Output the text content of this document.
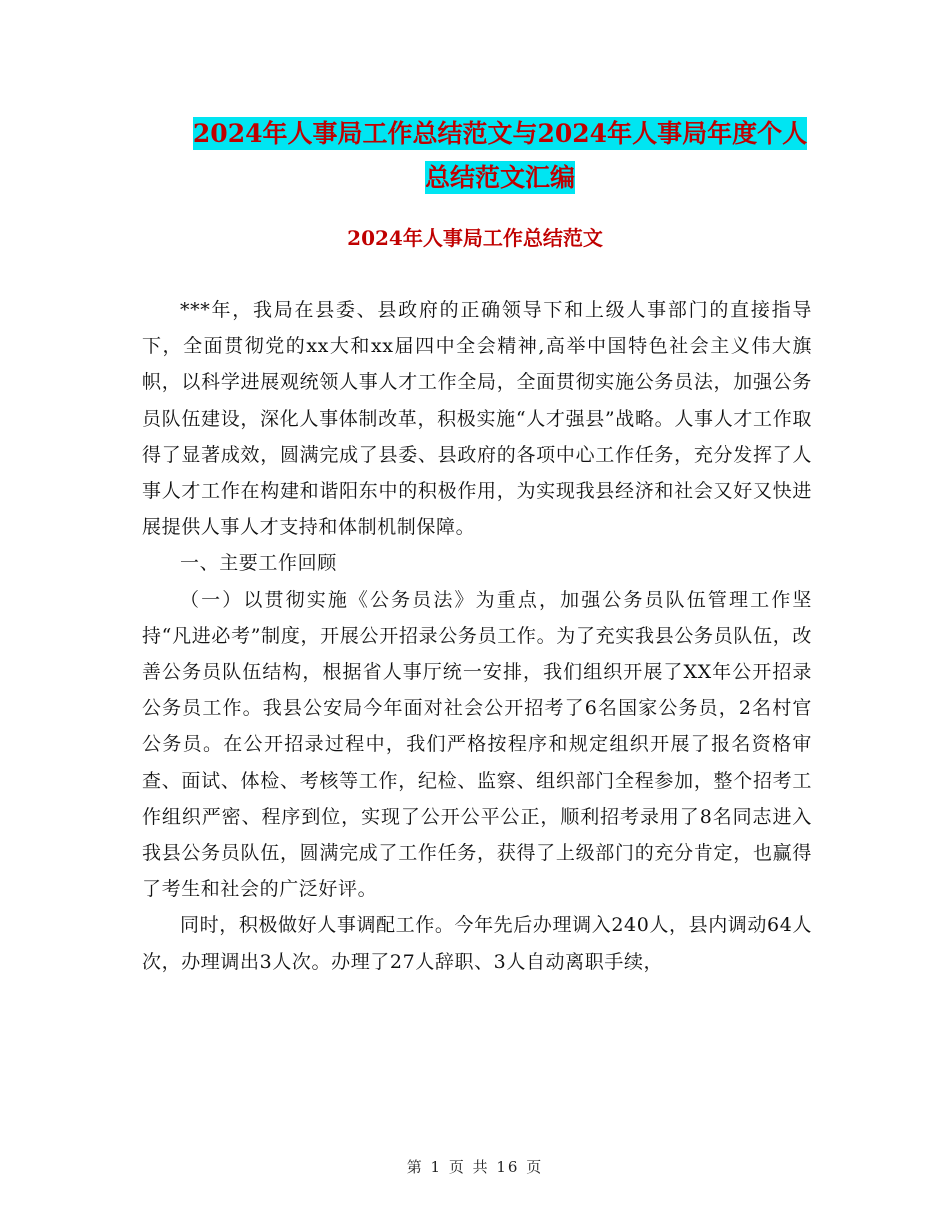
2024年人事局工作总结范文与2024年人事局年度个人
总结范文汇编
2024年人事局工作总结范文

***年，我局在县委、县政府的正确领导下和上级人事部门的直接指导下，全面贯彻党的xx大和xx届四中全会精神,高举中国特色社会主义伟大旗帜，以科学进展观统领人事人才工作全局，全面贯彻实施公务员法，加强公务员队伍建设，深化人事体制改革，积极实施“人才强县”战略。人事人才工作取得了显著成效，圆满完成了县委、县政府的各项中心工作任务，充分发挥了人事人才工作在构建和谐阳东中的积极作用，为实现我县经济和社会又好又快进展提供人事人才支持和体制机制保障。

一、主要工作回顾

（一）以贯彻实施《公务员法》为重点，加强公务员队伍管理工作坚持“凡进必考”制度，开展公开招录公务员工作。为了充实我县公务员队伍，改善公务员队伍结构，根据省人事厅统一安排，我们组织开展了XX年公开招录公务员工作。我县公安局今年面对社会公开招考了6名国家公务员，2名村官公务员。在公开招录过程中，我们严格按程序和规定组织开展了报名资格审查、面试、体检、考核等工作，纪检、监察、组织部门全程参加，整个招考工作组织严密、程序到位，实现了公开公平公正，顺利招考录用了8名同志进入我县公务员队伍，圆满完成了工作任务，获得了上级部门的充分肯定，也赢得了考生和社会的广泛好评。

同时，积极做好人事调配工作。今年先后办理调入240人，县内调动64人次，办理调出3人次。办理了27人辞职、3人自动离职手续，

第 1 页 共 16 页
